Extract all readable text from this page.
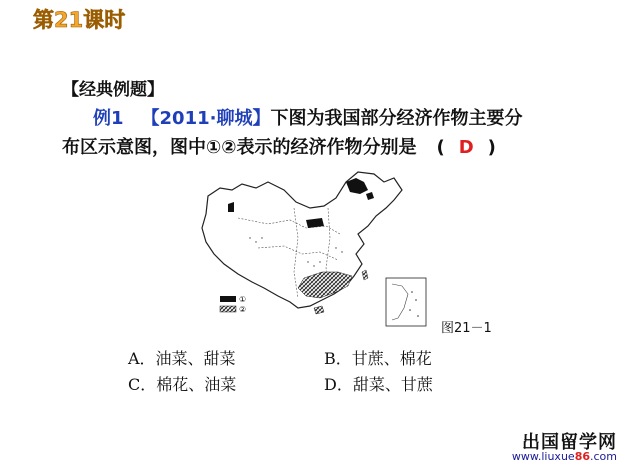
第21课时
【经典例题】
例1 【2011·聊城】下图为我国部分经济作物主要分
布区示意图，图中①②表示的经济作物分别是 ( D )
①
②
图21－1
A．油菜、甜菜	B．甘蔗、棉花
C．棉花、油菜	D．甜菜、甘蔗
出国留学网
www.liuxue86.com
